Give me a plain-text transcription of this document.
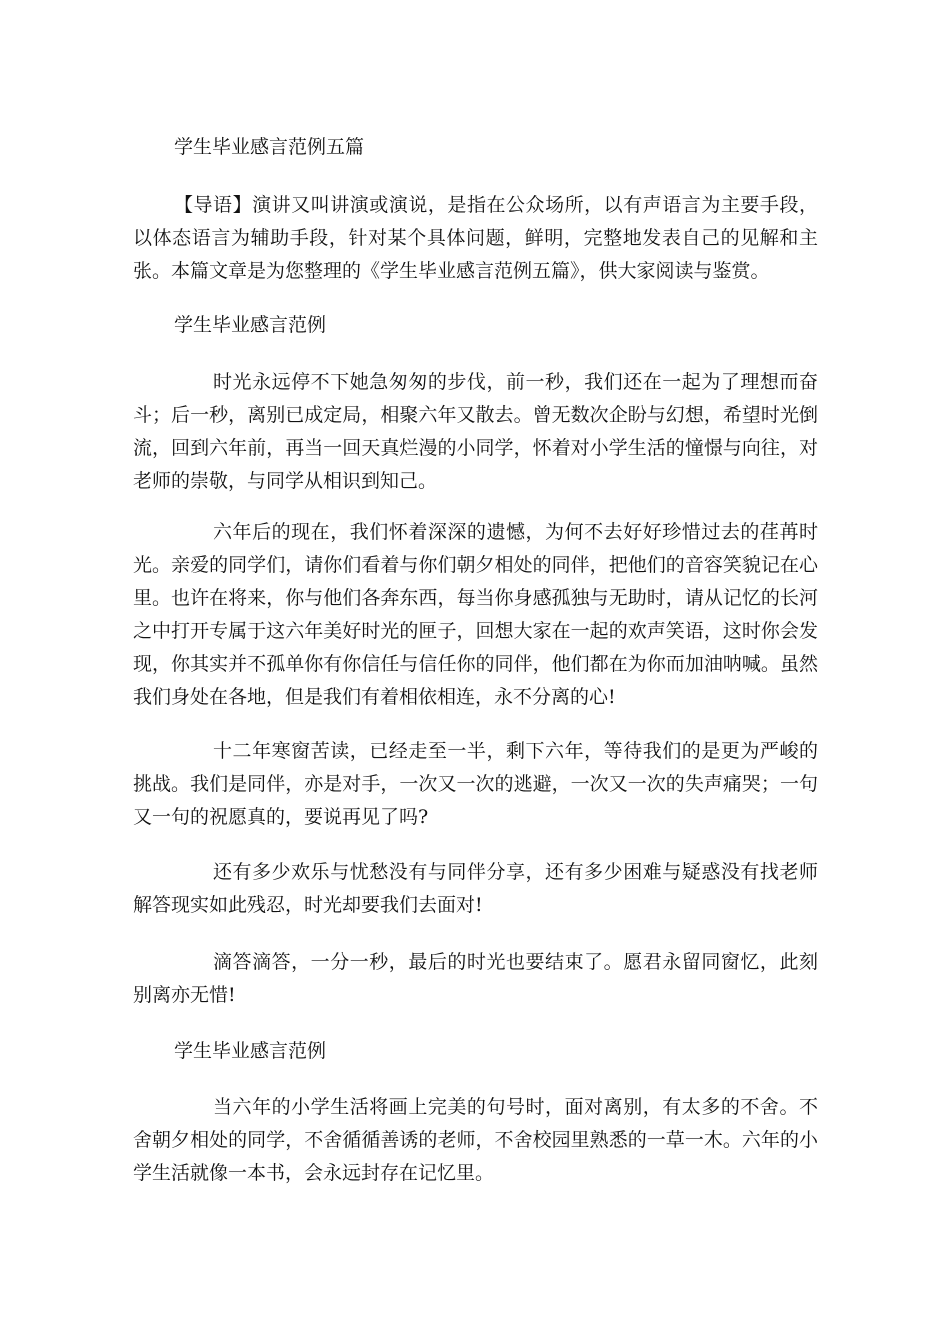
学生毕业感言范例五篇

【导语】演讲又叫讲演或演说，是指在公众场所，以有声语言为主要手段，以体态语言为辅助手段，针对某个具体问题，鲜明，完整地发表自己的见解和主张。本篇文章是为您整理的《学生毕业感言范例五篇》，供大家阅读与鉴赏。

学生毕业感言范例

时光永远停不下她急匆匆的步伐，前一秒，我们还在一起为了理想而奋斗；后一秒，离别已成定局，相聚六年又散去。曾无数次企盼与幻想，希望时光倒流，回到六年前，再当一回天真烂漫的小同学，怀着对小学生活的憧憬与向往，对老师的崇敬，与同学从相识到知己。

六年后的现在，我们怀着深深的遗憾，为何不去好好珍惜过去的荏苒时光。亲爱的同学们，请你们看着与你们朝夕相处的同伴，把他们的音容笑貌记在心里。也许在将来，你与他们各奔东西，每当你身感孤独与无助时，请从记忆的长河之中打开专属于这六年美好时光的匣子，回想大家在一起的欢声笑语，这时你会发现，你其实并不孤单你有你信任与信任你的同伴，他们都在为你而加油呐喊。虽然我们身处在各地，但是我们有着相依相连，永不分离的心!

十二年寒窗苦读，已经走至一半，剩下六年，等待我们的是更为严峻的挑战。我们是同伴，亦是对手，一次又一次的逃避，一次又一次的失声痛哭；一句又一句的祝愿真的，要说再见了吗?

还有多少欢乐与忧愁没有与同伴分享，还有多少困难与疑惑没有找老师解答现实如此残忍，时光却要我们去面对!

滴答滴答，一分一秒，最后的时光也要结束了。愿君永留同窗忆，此刻别离亦无惜!

学生毕业感言范例

当六年的小学生活将画上完美的句号时，面对离别，有太多的不舍。不舍朝夕相处的同学，不舍循循善诱的老师，不舍校园里熟悉的一草一木。六年的小学生活就像一本书，会永远封存在记忆里。
